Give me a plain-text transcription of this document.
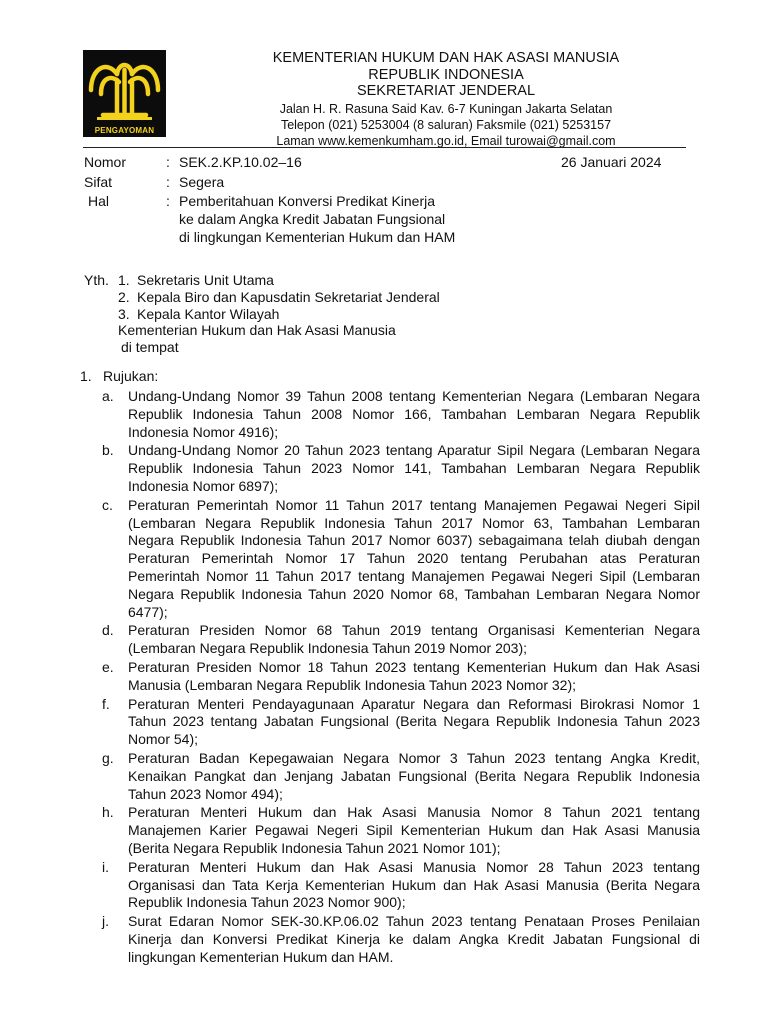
PENGAYOMAN
KEMENTERIAN HUKUM DAN HAK ASASI MANUSIA
REPUBLIK INDONESIA
SEKRETARIAT JENDERAL
Jalan H. R. Rasuna Said Kav. 6-7 Kuningan Jakarta Selatan
Telepon (021) 5253004 (8 saluran) Faksmile (021) 5253157
Laman www.kemenkumham.go.id, Email turowai@gmail.com
Nomor	: SEK.2.KP.10.02–16	26 Januari 2024
Sifat	: Segera
Hal	: Pemberitahuan Konversi Predikat Kinerja
ke dalam Angka Kredit Jabatan Fungsional
di lingkungan Kementerian Hukum dan HAM
Yth. 1. Sekretaris Unit Utama
2. Kepala Biro dan Kapusdatin Sekretariat Jenderal
3. Kepala Kantor Wilayah
Kementerian Hukum dan Hak Asasi Manusia
di tempat
1. Rujukan:
a.	Undang-Undang Nomor 39 Tahun 2008 tentang Kementerian Negara (Lembaran Negara Republik Indonesia Tahun 2008 Nomor 166, Tambahan Lembaran Negara Republik Indonesia Nomor 4916);
b.	Undang-Undang Nomor 20 Tahun 2023 tentang Aparatur Sipil Negara (Lembaran Negara Republik Indonesia Tahun 2023 Nomor 141, Tambahan Lembaran Negara Republik Indonesia Nomor 6897);
c.	Peraturan Pemerintah Nomor 11 Tahun 2017 tentang Manajemen Pegawai Negeri Sipil (Lembaran Negara Republik Indonesia Tahun 2017 Nomor 63, Tambahan Lembaran Negara Republik Indonesia Tahun 2017 Nomor 6037) sebagaimana telah diubah dengan Peraturan Pemerintah Nomor 17 Tahun 2020 tentang Perubahan atas Peraturan Pemerintah Nomor 11 Tahun 2017 tentang Manajemen Pegawai Negeri Sipil (Lembaran Negara Republik Indonesia Tahun 2020 Nomor 68, Tambahan Lembaran Negara Nomor 6477);
d.	Peraturan Presiden Nomor 68 Tahun 2019 tentang Organisasi Kementerian Negara (Lembaran Negara Republik Indonesia Tahun 2019 Nomor 203);
e.	Peraturan Presiden Nomor 18 Tahun 2023 tentang Kementerian Hukum dan Hak Asasi Manusia (Lembaran Negara Republik Indonesia Tahun 2023 Nomor 32);
f.	Peraturan Menteri Pendayagunaan Aparatur Negara dan Reformasi Birokrasi Nomor 1 Tahun 2023 tentang Jabatan Fungsional (Berita Negara Republik Indonesia Tahun 2023 Nomor 54);
g.	Peraturan Badan Kepegawaian Negara Nomor 3 Tahun 2023 tentang Angka Kredit, Kenaikan Pangkat dan Jenjang Jabatan Fungsional (Berita Negara Republik Indonesia Tahun 2023 Nomor 494);
h.	Peraturan Menteri Hukum dan Hak Asasi Manusia Nomor 8 Tahun 2021 tentang Manajemen Karier Pegawai Negeri Sipil Kementerian Hukum dan Hak Asasi Manusia (Berita Negara Republik Indonesia Tahun 2021 Nomor 101);
i.	Peraturan Menteri Hukum dan Hak Asasi Manusia Nomor 28 Tahun 2023 tentang Organisasi dan Tata Kerja Kementerian Hukum dan Hak Asasi Manusia (Berita Negara Republik Indonesia Tahun 2023 Nomor 900);
j.	Surat Edaran Nomor SEK-30.KP.06.02 Tahun 2023 tentang Penataan Proses Penilaian Kinerja dan Konversi Predikat Kinerja ke dalam Angka Kredit Jabatan Fungsional di lingkungan Kementerian Hukum dan HAM.
